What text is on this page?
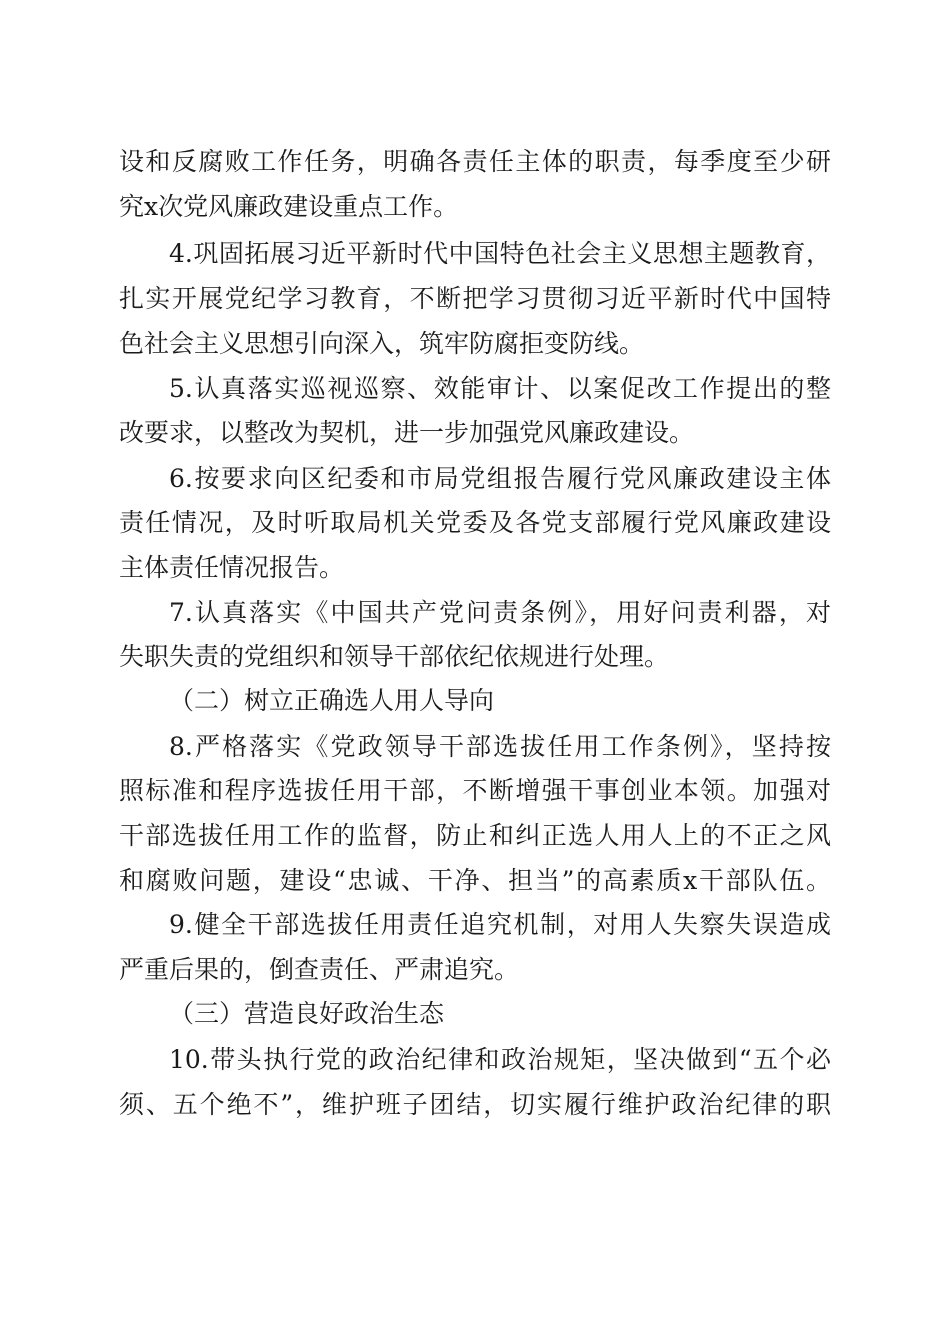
设和反腐败工作任务，明确各责任主体的职责，每季度至少研
究x次党风廉政建设重点工作。
4.巩固拓展习近平新时代中国特色社会主义思想主题教育，
扎实开展党纪学习教育，不断把学习贯彻习近平新时代中国特
色社会主义思想引向深入，筑牢防腐拒变防线。
5.认真落实巡视巡察、效能审计、以案促改工作提出的整
改要求，以整改为契机，进一步加强党风廉政建设。
6.按要求向区纪委和市局党组报告履行党风廉政建设主体
责任情况，及时听取局机关党委及各党支部履行党风廉政建设
主体责任情况报告。
7.认真落实《中国共产党问责条例》，用好问责利器，对
失职失责的党组织和领导干部依纪依规进行处理。
（二）树立正确选人用人导向
8.严格落实《党政领导干部选拔任用工作条例》，坚持按
照标准和程序选拔任用干部，不断增强干事创业本领。加强对
干部选拔任用工作的监督，防止和纠正选人用人上的不正之风
和腐败问题，建设“忠诚、干净、担当”的高素质x干部队伍。
9.健全干部选拔任用责任追究机制，对用人失察失误造成
严重后果的，倒查责任、严肃追究。
（三）营造良好政治生态
10.带头执行党的政治纪律和政治规矩，坚决做到“五个必
须、五个绝不”，维护班子团结，切实履行维护政治纪律的职
